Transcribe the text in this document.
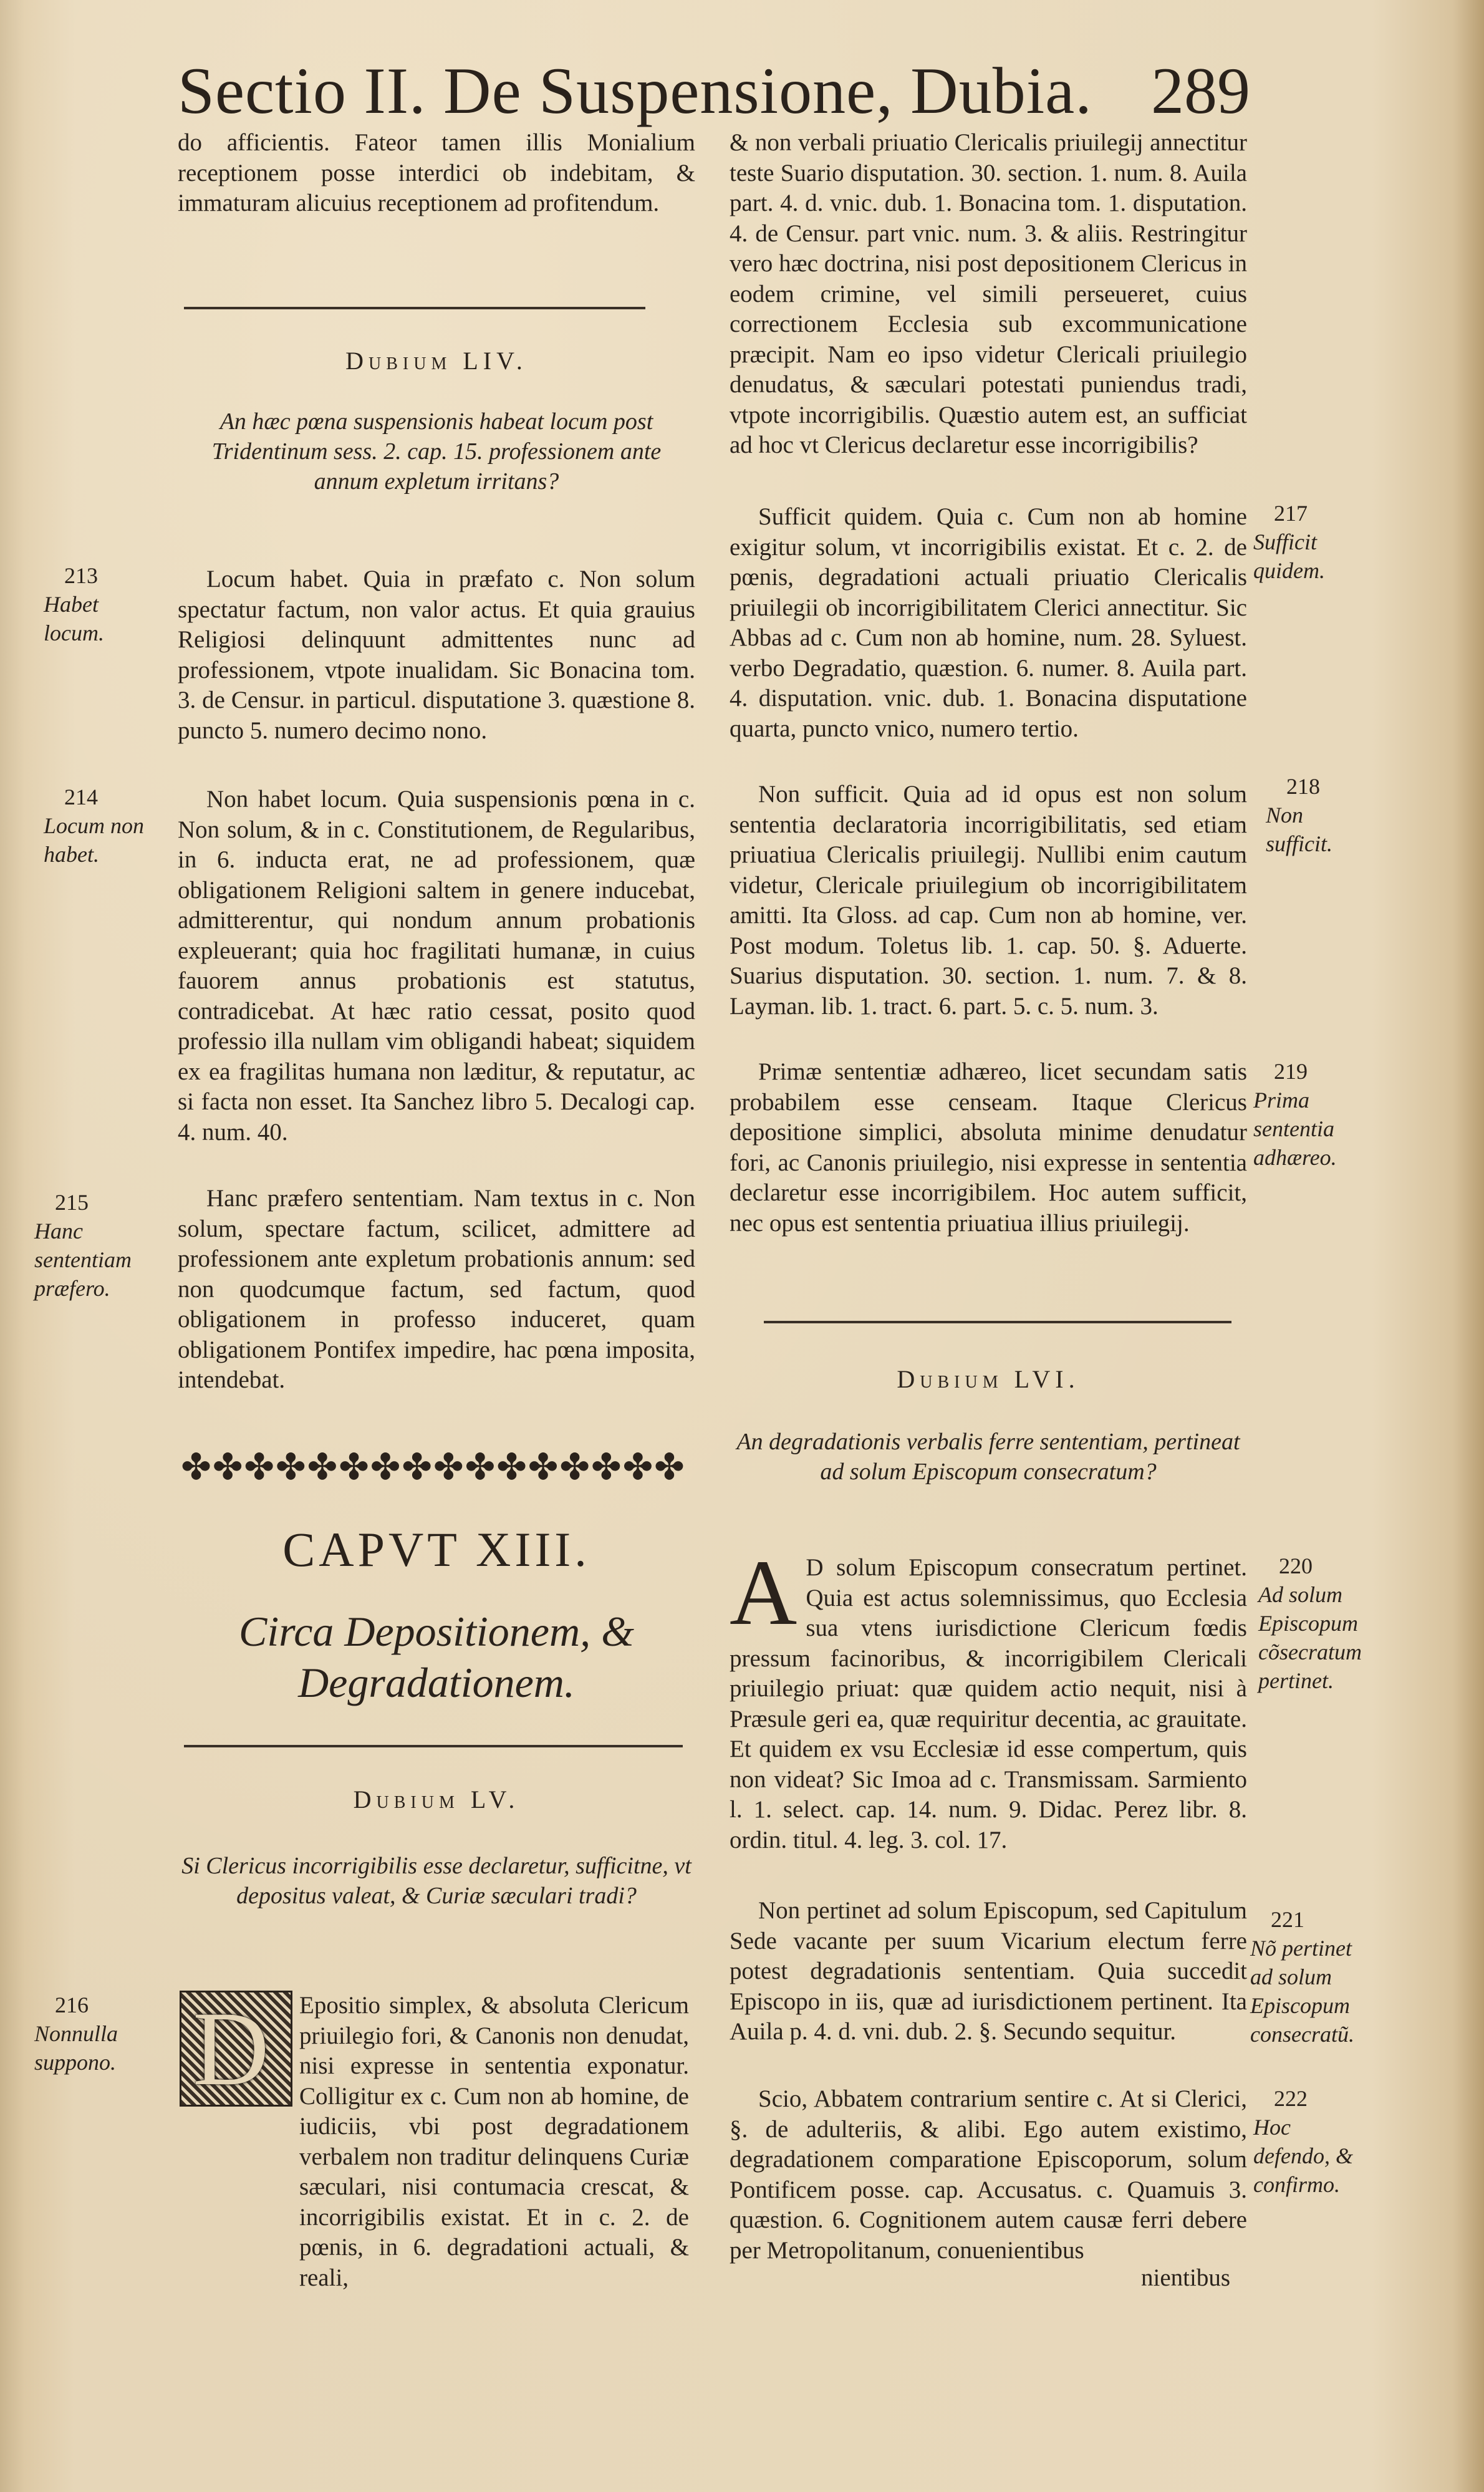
Sectio II. De Suspensione, Dubia. 289

do afficientis. Fateor tamen illis Monialium receptionem posse interdici ob indebitam, & immaturam alicuius receptionem ad profitendum.

Dubium LIV.
An hæc pœna suspensionis habeat locum post Tridentinum sess. 2. cap. 15. professionem ante annum expletum irritans?

Locum habet. Quia in præfato c. Non solum spectatur factum, non valor actus. Et quia grauius Religiosi delinquunt admittentes nunc ad professionem, vtpote inualidam. Sic Bonacina tom. 3. de Censur. in particul. disputatione 3. quæstione 8. puncto 5. numero decimo nono.

Non habet locum. Quia suspensionis pœna in c. Non solum, & in c. Constitutionem, de Regularibus, in 6. inducta erat, ne ad professionem, quæ obligationem Religioni saltem in genere inducebat, admitterentur, qui nondum annum probationis expleuerant; quia hoc fragilitati humanæ, in cuius fauorem annus probationis est statutus, contradicebat. At hæc ratio cessat, posito quod professio illa nullam vim obligandi habeat; siquidem ex ea fragilitas humana non læditur, & reputatur, ac si facta non esset. Ita Sanchez libro 5. Decalogi cap. 4. num. 40.

Hanc præfero sententiam. Nam textus in c. Non solum, spectare factum, scilicet, admittere ad professionem ante expletum probationis annum: sed non quodcumque factum, sed factum, quod obligationem in professo induceret, quam obligationem Pontifex impedire, hac pœna imposita, intendebat.

✤✤✤✤✤✤✤✤✤✤✤✤✤✤✤✤
CAPVT XIII.
Circa Depositionem, & Degradationem.
Dubium LV.
Si Clericus incorrigibilis esse declaretur, sufficitne, vt depositus valeat, & Curiæ sæculari tradi?
D Epositio simplex, & absoluta Clericum priuilegio fori, & Canonis non denudat, nisi expresse in sententia exponatur. Colligitur ex c. Cum non ab homine, de iudiciis, vbi post degradationem verbalem non traditur delinquens Curiæ sæculari, nisi contumacia crescat, & incorrigibilis existat. Et in c. 2. de pœnis, in 6. degradationi actuali, & reali,

& non verbali priuatio Clericalis priuilegij annectitur teste Suario disputation. 30. section. 1. num. 8. Auila part. 4. d. vnic. dub. 1. Bonacina tom. 1. disputation. 4. de Censur. part vnic. num. 3. & aliis. Restringitur vero hæc doctrina, nisi post depositionem Clericus in eodem crimine, vel simili perseueret, cuius correctionem Ecclesia sub excommunicatione præcipit. Nam eo ipso videtur Clericali priuilegio denudatus, & sæculari potestati puniendus tradi, vtpote incorrigibilis. Quæstio autem est, an sufficiat ad hoc vt Clericus declaretur esse incorrigibilis?

Sufficit quidem. Quia c. Cum non ab homine exigitur solum, vt incorrigibilis existat. Et c. 2. de pœnis, degradationi actuali priuatio Clericalis priuilegii ob incorrigibilitatem Clerici annectitur. Sic Abbas ad c. Cum non ab homine, num. 28. Syluest. verbo Degradatio, quæstion. 6. numer. 8. Auila part. 4. disputation. vnic. dub. 1. Bonacina disputatione quarta, puncto vnico, numero tertio.

Non sufficit. Quia ad id opus est non solum sententia declaratoria incorrigibilitatis, sed etiam priuatiua Clericalis priuilegij. Nullibi enim cautum videtur, Clericale priuilegium ob incorrigibilitatem amitti. Ita Gloss. ad cap. Cum non ab homine, ver. Post modum. Toletus lib. 1. cap. 50. §. Aduerte. Suarius disputation. 30. section. 1. num. 7. & 8. Layman. lib. 1. tract. 6. part. 5. c. 5. num. 3.

Primæ sententiæ adhæreo, licet secundam satis probabilem esse censeam. Itaque Clericus depositione simplici, absoluta minime denudatur fori, ac Canonis priuilegio, nisi expresse in sententia declaretur esse incorrigibilem. Hoc autem sufficit, nec opus est sententia priuatiua illius priuilegij.

Dubium LVI.
An degradationis verbalis ferre sententiam, pertineat ad solum Episcopum consecratum?

A D solum Episcopum consecratum pertinet. Quia est actus solemnissimus, quo Ecclesia sua vtens iurisdictione Clericum fœdis pressum facinoribus, & incorrigibilem Clericali priuilegio priuat: quæ quidem actio nequit, nisi à Præsule geri ea, quæ requiritur decentia, ac grauitate. Et quidem ex vsu Ecclesiæ id esse compertum, quis non videat? Sic Imoa ad c. Transmissam. Sarmiento l. 1. select. cap. 14. num. 9. Didac. Perez libr. 8. ordin. titul. 4. leg. 3. col. 17.

Non pertinet ad solum Episcopum, sed Capitulum Sede vacante per suum Vicarium electum ferre potest degradationis sententiam. Quia succedit Episcopo in iis, quæ ad iurisdictionem pertinent. Ita Auila p. 4. d. vni. dub. 2. §. Secundo sequitur.

Scio, Abbatem contrarium sentire c. At si Clerici, §. de adulteriis, & alibi. Ego autem existimo, degradationem comparatione Episcoporum, solum Pontificem posse. cap. Accusatus. c. Quamuis 3. quæstion. 6. Cognitionem autem causæ ferri debere per Metropolitanum, conuenientibus

nientibus
213
Habet locum.
214
Locum non habet.
215
Hanc sententiam præfero.
216
Nonnulla suppono.
217
Sufficit quidem.
218
Non sufficit.
219
Prima sententia adhæreo.
220
Ad solum Episcopum cõsecratum pertinet.
221
Nõ pertinet ad solum Episcopum consecratũ.
222
Hoc defendo, & confirmo.
